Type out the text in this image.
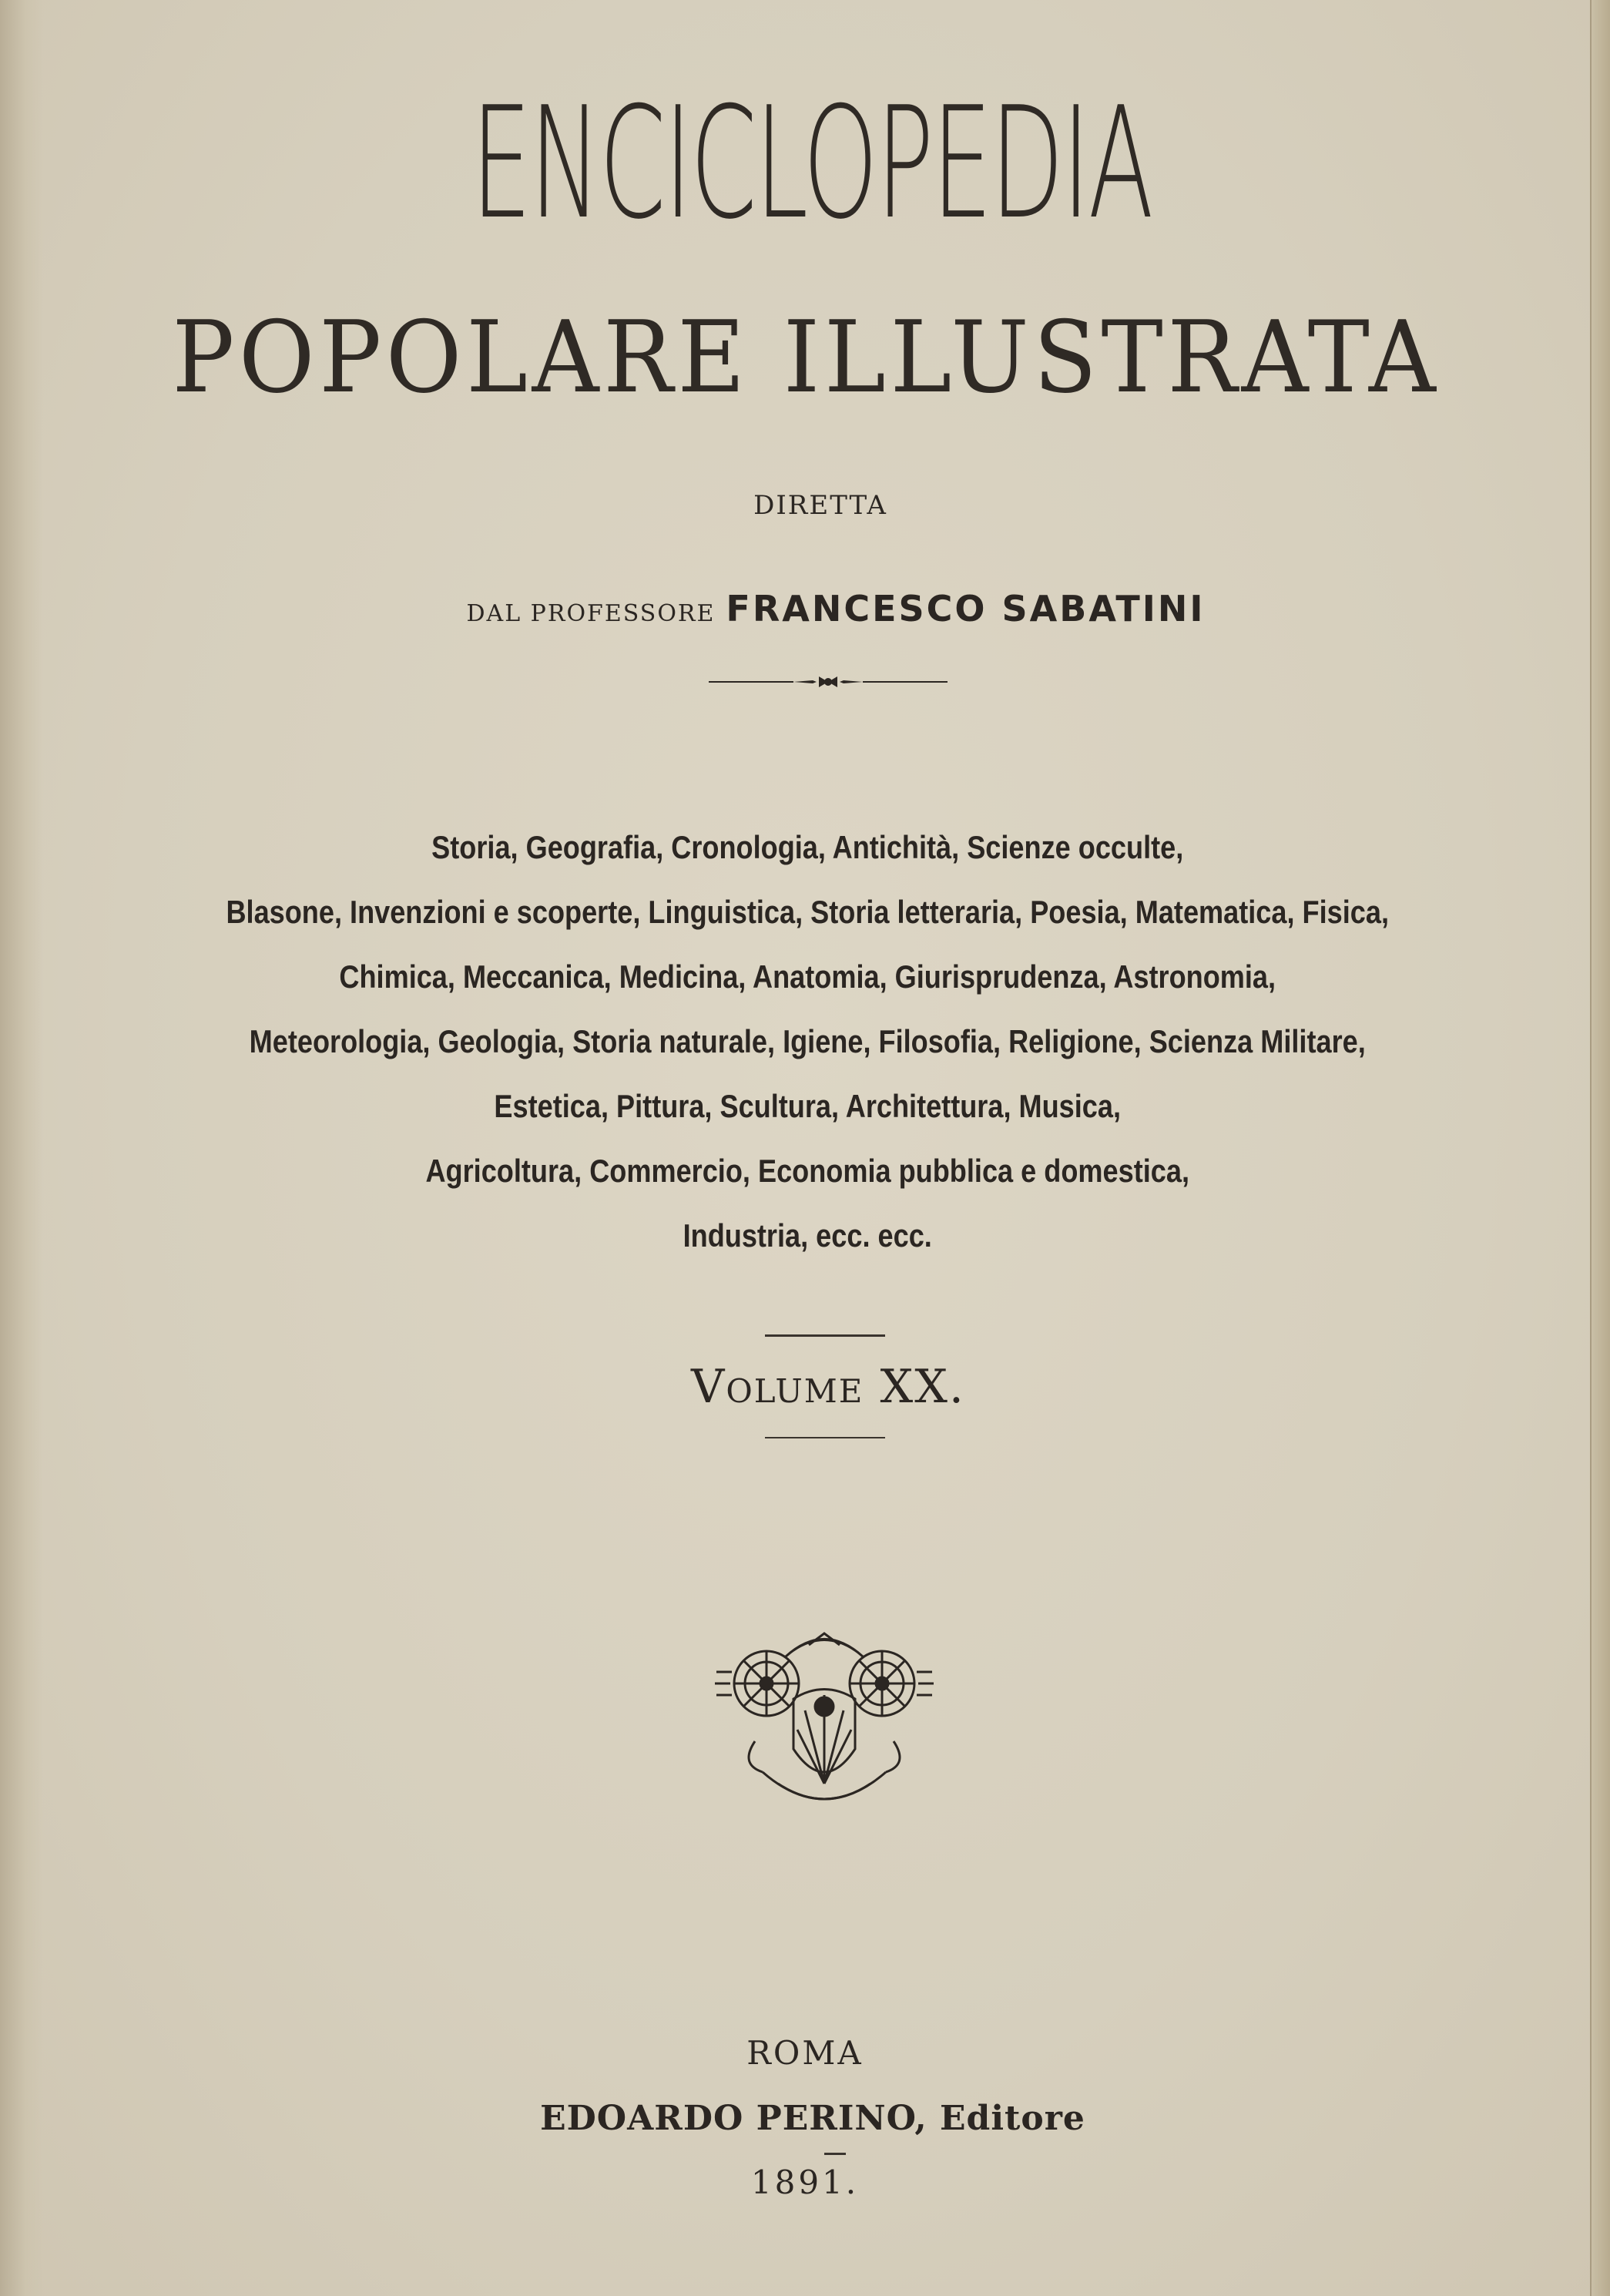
ENCICLOPEDIA
POPOLARE ILLUSTRATA
DIRETTA
DAL PROFESSORE FRANCESCO SABATINI
Storia, Geografia, Cronologia, Antichità, Scienze occulte,
Blasone, Invenzioni e scoperte, Linguistica, Storia letteraria, Poesia, Matematica, Fisica,
Chimica, Meccanica, Medicina, Anatomia, Giurisprudenza, Astronomia,
Meteorologia, Geologia, Storia naturale, Igiene, Filosofia, Religione, Scienza Militare,
Estetica, Pittura, Scultura, Architettura, Musica,
Agricoltura, Commercio, Economia pubblica e domestica,
Industria, ecc. ecc.
Volume XX.
ROMA
EDOARDO PERINO, Editore
1891.
